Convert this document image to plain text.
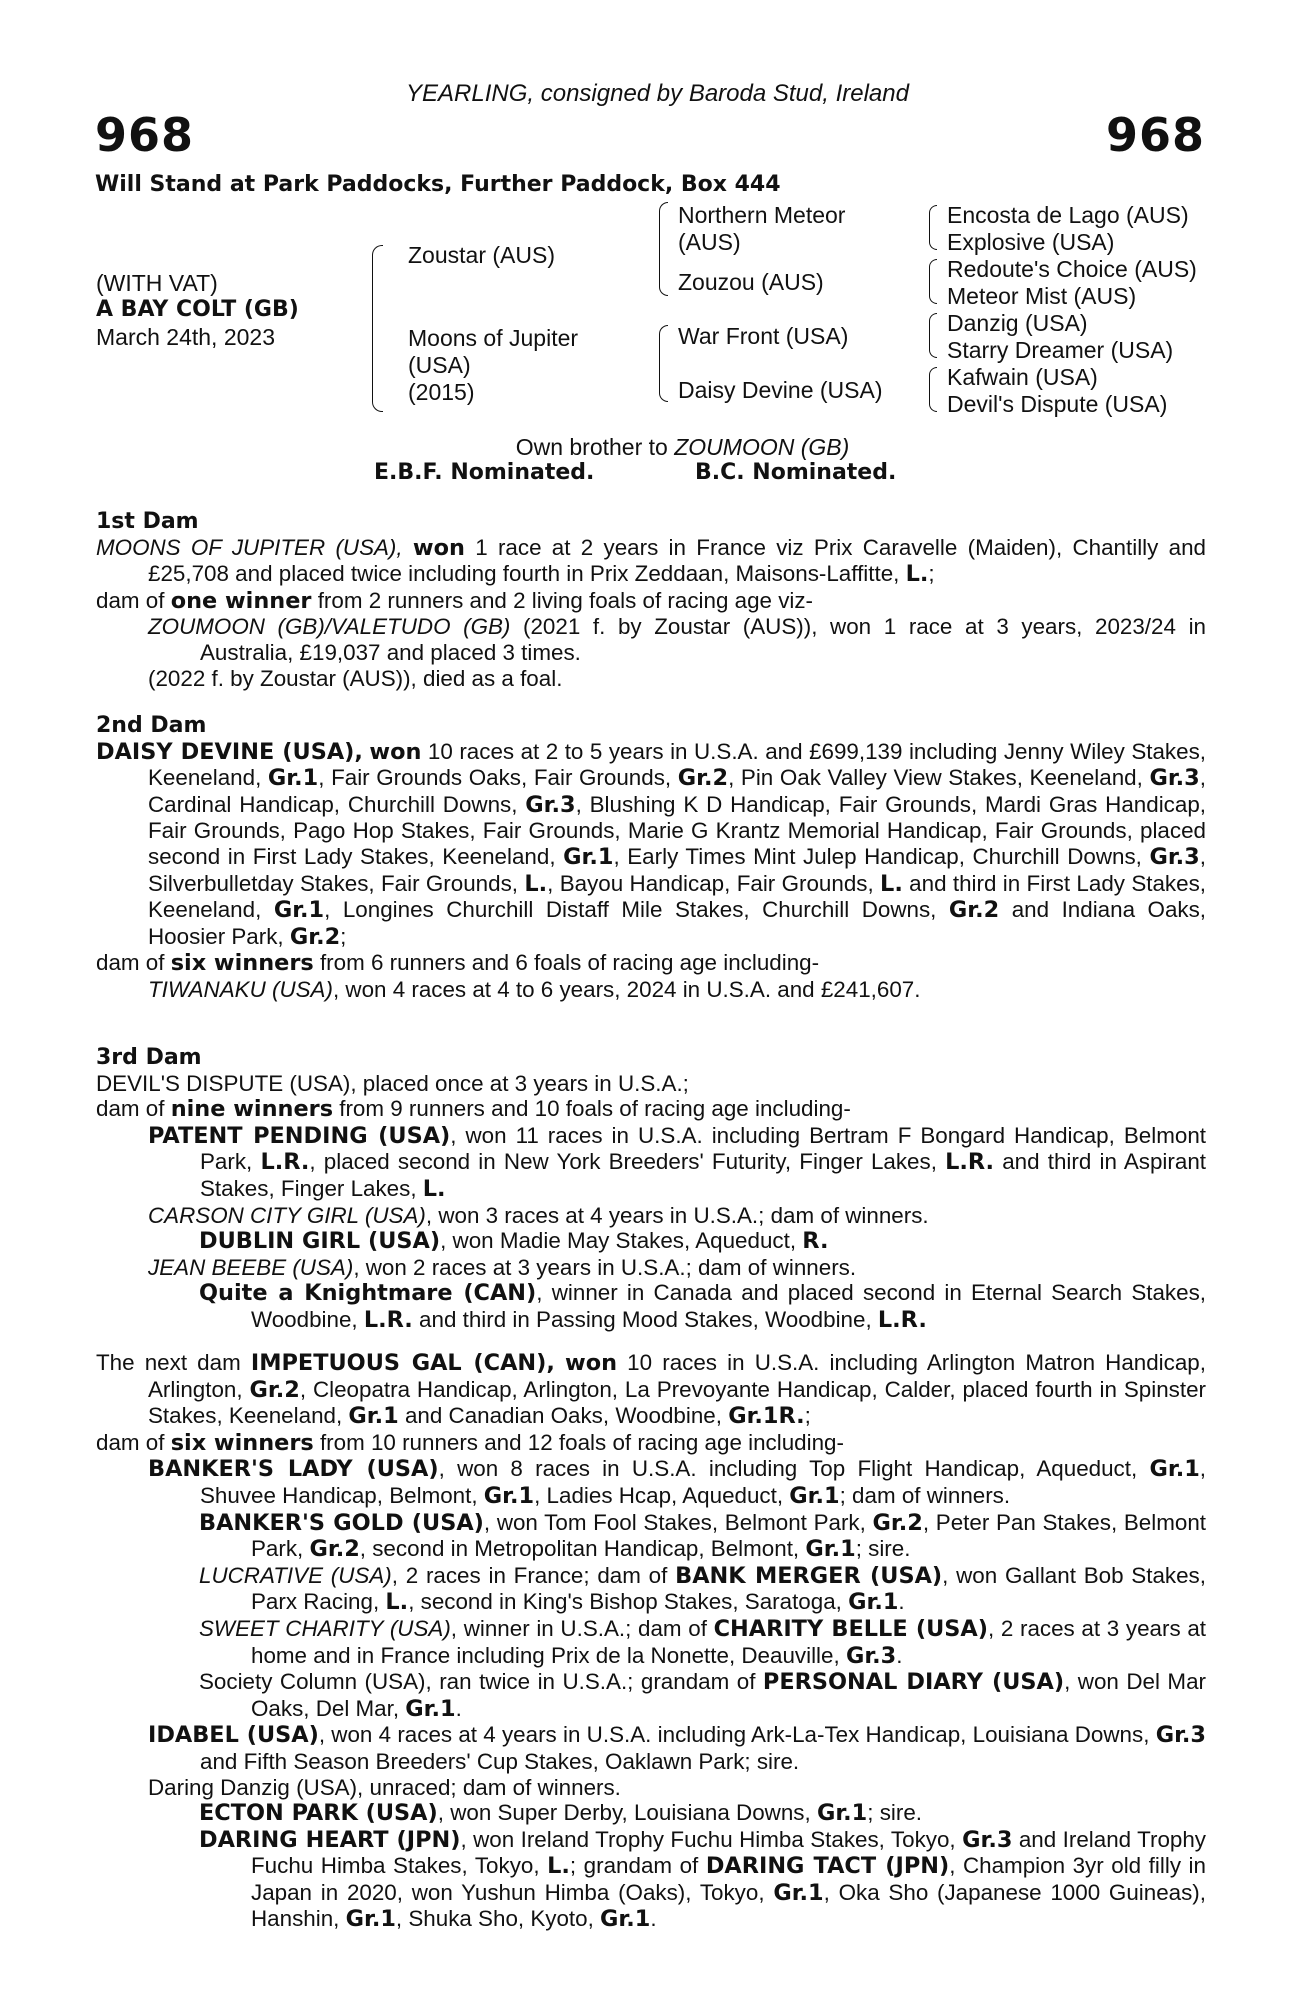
YEARLING, consigned by Baroda Stud, Ireland
968	968
Will Stand at Park Paddocks, Further Paddock, Box 444
(WITH VAT)
A BAY COLT (GB)
March 24th, 2023
Zoustar (AUS)
Moons of Jupiter
(USA)
(2015)
Northern Meteor
(AUS)
Zouzou (AUS)
War Front (USA)
Daisy Devine (USA)
Encosta de Lago (AUS)
Explosive (USA)
Redoute's Choice (AUS)
Meteor Mist (AUS)
Danzig (USA)
Starry Dreamer (USA)
Kafwain (USA)
Devil's Dispute (USA)
Own brother to ZOUMOON (GB)
E.B.F. Nominated.	B.C. Nominated.

1st Dam

MOONS OF JUPITER (USA), won 1 race at 2 years in France viz Prix Caravelle (Maiden), Chantilly and £25,708 and placed twice including fourth in Prix Zeddaan, Maisons-Laffitte, L.;

dam of one winner from 2 runners and 2 living foals of racing age viz-

ZOUMOON (GB)/VALETUDO (GB) (2021 f. by Zoustar (AUS)), won 1 race at 3 years, 2023/24 in Australia, £19,037 and placed 3 times.

(2022 f. by Zoustar (AUS)), died as a foal.

2nd Dam

DAISY DEVINE (USA), won 10 races at 2 to 5 years in U.S.A. and £699,139 including Jenny Wiley Stakes, Keeneland, Gr.1, Fair Grounds Oaks, Fair Grounds, Gr.2, Pin Oak Valley View Stakes, Keeneland, Gr.3, Cardinal Handicap, Churchill Downs, Gr.3, Blushing K D Handicap, Fair Grounds, Mardi Gras Handicap, Fair Grounds, Pago Hop Stakes, Fair Grounds, Marie G Krantz Memorial Handicap, Fair Grounds, placed second in First Lady Stakes, Keeneland, Gr.1, Early Times Mint Julep Handicap, Churchill Downs, Gr.3, Silverbulletday Stakes, Fair Grounds, L., Bayou Handicap, Fair Grounds, L. and third in First Lady Stakes, Keeneland, Gr.1, Longines Churchill Distaff Mile Stakes, Churchill Downs, Gr.2 and Indiana Oaks, Hoosier Park, Gr.2;

dam of six winners from 6 runners and 6 foals of racing age including-

TIWANAKU (USA), won 4 races at 4 to 6 years, 2024 in U.S.A. and £241,607.

3rd Dam

DEVIL'S DISPUTE (USA), placed once at 3 years in U.S.A.;

dam of nine winners from 9 runners and 10 foals of racing age including-

PATENT PENDING (USA), won 11 races in U.S.A. including Bertram F Bongard Handicap, Belmont Park, L.R., placed second in New York Breeders' Futurity, Finger Lakes, L.R. and third in Aspirant Stakes, Finger Lakes, L.

CARSON CITY GIRL (USA), won 3 races at 4 years in U.S.A.; dam of winners.

DUBLIN GIRL (USA), won Madie May Stakes, Aqueduct, R.

JEAN BEEBE (USA), won 2 races at 3 years in U.S.A.; dam of winners.

Quite a Knightmare (CAN), winner in Canada and placed second in Eternal Search Stakes, Woodbine, L.R. and third in Passing Mood Stakes, Woodbine, L.R.

The next dam IMPETUOUS GAL (CAN), won 10 races in U.S.A. including Arlington Matron Handicap, Arlington, Gr.2, Cleopatra Handicap, Arlington, La Prevoyante Handicap, Calder, placed fourth in Spinster Stakes, Keeneland, Gr.1 and Canadian Oaks, Woodbine, Gr.1R.;

dam of six winners from 10 runners and 12 foals of racing age including-

BANKER'S LADY (USA), won 8 races in U.S.A. including Top Flight Handicap, Aqueduct, Gr.1, Shuvee Handicap, Belmont, Gr.1, Ladies Hcap, Aqueduct, Gr.1; dam of winners.

BANKER'S GOLD (USA), won Tom Fool Stakes, Belmont Park, Gr.2, Peter Pan Stakes, Belmont Park, Gr.2, second in Metropolitan Handicap, Belmont, Gr.1; sire.

LUCRATIVE (USA), 2 races in France; dam of BANK MERGER (USA), won Gallant Bob Stakes, Parx Racing, L., second in King's Bishop Stakes, Saratoga, Gr.1.

SWEET CHARITY (USA), winner in U.S.A.; dam of CHARITY BELLE (USA), 2 races at 3 years at home and in France including Prix de la Nonette, Deauville, Gr.3.

Society Column (USA), ran twice in U.S.A.; grandam of PERSONAL DIARY (USA), won Del Mar Oaks, Del Mar, Gr.1.

IDABEL (USA), won 4 races at 4 years in U.S.A. including Ark-La-Tex Handicap, Louisiana Downs, Gr.3 and Fifth Season Breeders' Cup Stakes, Oaklawn Park; sire.

Daring Danzig (USA), unraced; dam of winners.

ECTON PARK (USA), won Super Derby, Louisiana Downs, Gr.1; sire.

DARING HEART (JPN), won Ireland Trophy Fuchu Himba Stakes, Tokyo, Gr.3 and Ireland Trophy Fuchu Himba Stakes, Tokyo, L.; grandam of DARING TACT (JPN), Champion 3yr old filly in Japan in 2020, won Yushun Himba (Oaks), Tokyo, Gr.1, Oka Sho (Japanese 1000 Guineas), Hanshin, Gr.1, Shuka Sho, Kyoto, Gr.1.
